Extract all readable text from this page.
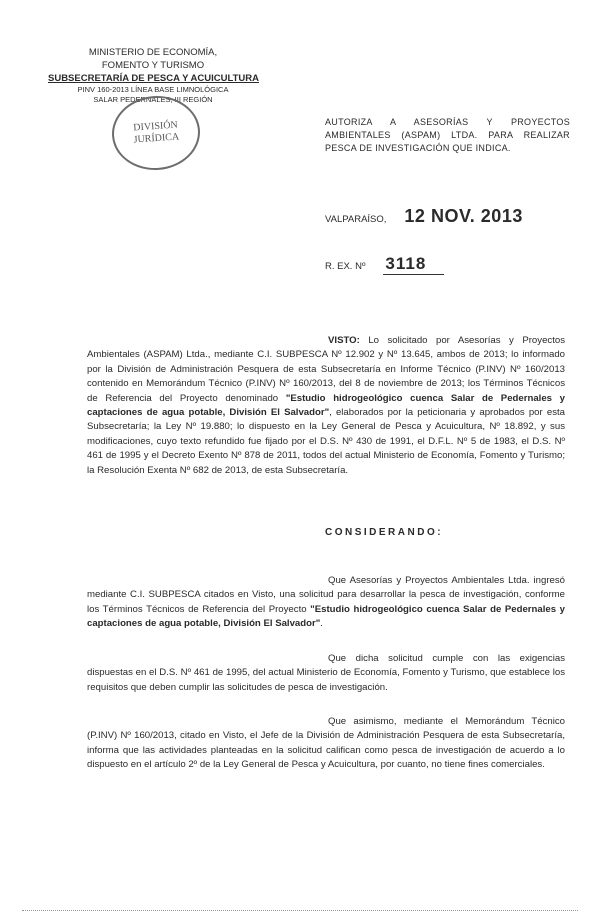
MINISTERIO DE ECONOMÍA,
FOMENTO Y TURISMO
SUBSECRETARÍA DE PESCA Y ACUICULTURA
PINV 160-2013 LÍNEA BASE LIMNOLÓGICA
SALAR PEDERNALES, III REGIÓN
DIVISIÓN
JURÍDICA
AUTORIZA A ASESORÍAS Y PROYECTOS AMBIENTALES (ASPAM) LTDA. PARA REALIZAR PESCA DE INVESTIGACIÓN QUE INDICA.
VALPARAÍSO, 12 NOV. 2013
R. EX. Nº 3118
VISTO: Lo solicitado por Asesorías y Proyectos Ambientales (ASPAM) Ltda., mediante C.I. SUBPESCA Nº 12.902 y Nº 13.645, ambos de 2013; lo informado por la División de Administración Pesquera de esta Subsecretaría en Informe Técnico (P.INV) Nº 160/2013 contenido en Memorándum Técnico (P.INV) Nº 160/2013, del 8 de noviembre de 2013; los Términos Técnicos de Referencia del Proyecto denominado "Estudio hidrogeológico cuenca Salar de Pedernales y captaciones de agua potable, División El Salvador", elaborados por la peticionaria y aprobados por esta Subsecretaría; la Ley Nº 19.880; lo dispuesto en la Ley General de Pesca y Acuicultura, Nº 18.892, y sus modificaciones, cuyo texto refundido fue fijado por el D.S. Nº 430 de 1991, el D.F.L. Nº 5 de 1983, el D.S. Nº 461 de 1995 y el Decreto Exento Nº 878 de 2011, todos del actual Ministerio de Economía, Fomento y Turismo; la Resolución Exenta Nº 682 de 2013, de esta Subsecretaría.
CONSIDERANDO:
Que Asesorías y Proyectos Ambientales Ltda. ingresó mediante C.I. SUBPESCA citados en Visto, una solicitud para desarrollar la pesca de investigación, conforme los Términos Técnicos de Referencia del Proyecto "Estudio hidrogeológico cuenca Salar de Pedernales y captaciones de agua potable, División El Salvador".
Que dicha solicitud cumple con las exigencias dispuestas en el D.S. Nº 461 de 1995, del actual Ministerio de Economía, Fomento y Turismo, que establece los requisitos que deben cumplir las solicitudes de pesca de investigación.
Que asimismo, mediante el Memorándum Técnico (P.INV) Nº 160/2013, citado en Visto, el Jefe de la División de Administración Pesquera de esta Subsecretaría, informa que las actividades planteadas en la solicitud califican como pesca de investigación de acuerdo a lo dispuesto en el artículo 2º de la Ley General de Pesca y Acuicultura, por cuanto, no tiene fines comerciales.
